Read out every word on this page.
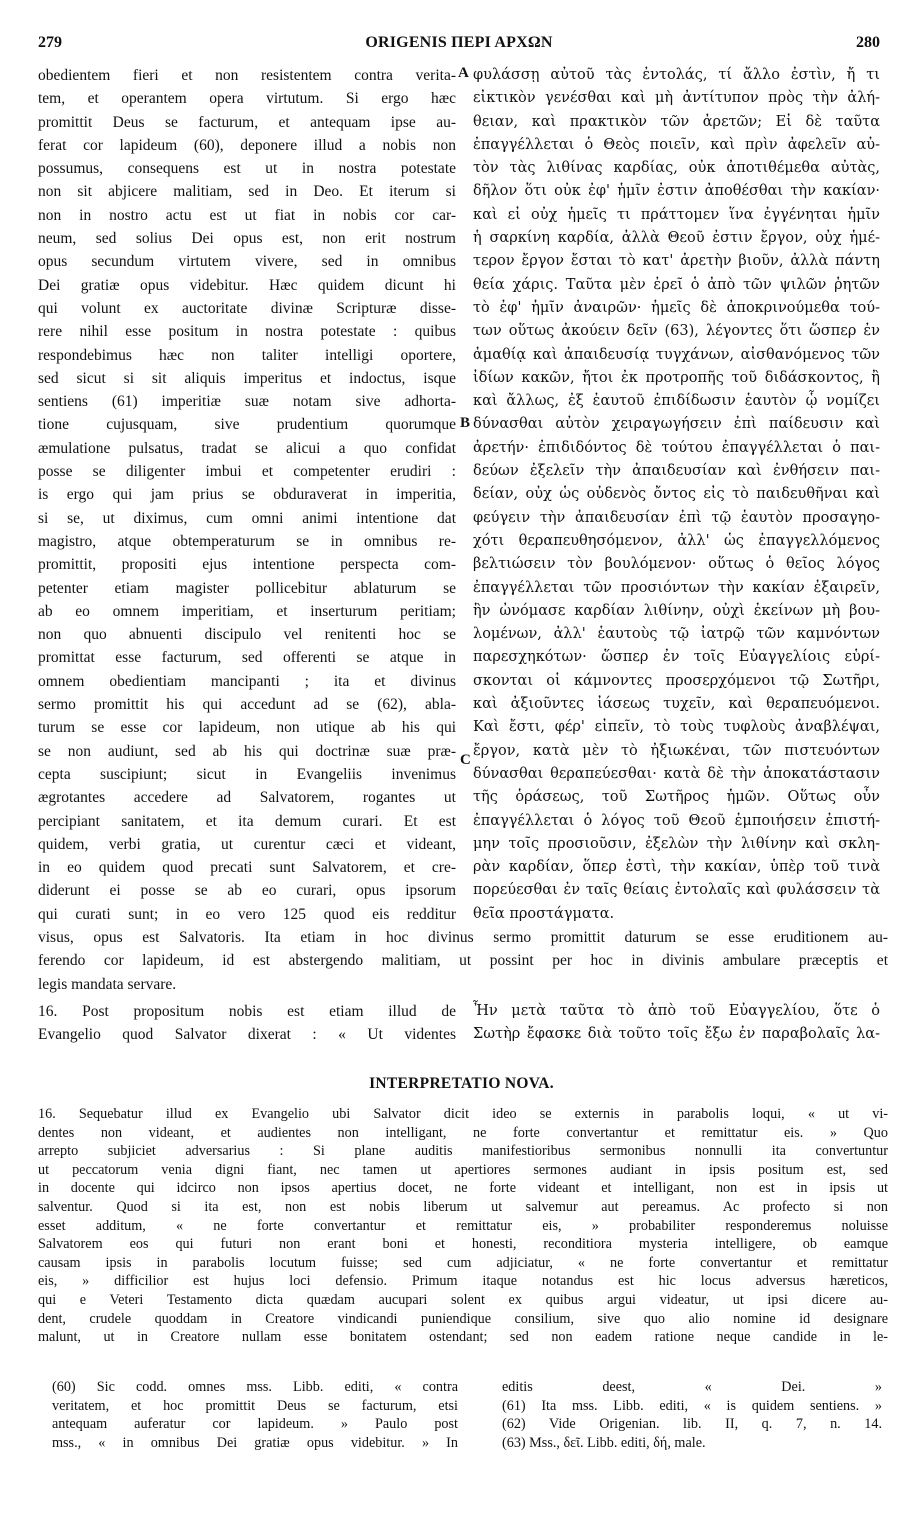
279	ORIGENIS ΠΕΡΙ ΑΡΧΩΝ	280
obedientem fieri et non resistentem contra verita-
tem, et operantem opera virtutum. Si ergo hæc
promittit Deus se facturum, et antequam ipse au-
ferat cor lapideum (60), deponere illud a nobis non
possumus, consequens est ut in nostra potestate
non sit abjicere malitiam, sed in Deo. Et iterum si
non in nostro actu est ut fiat in nobis cor car-
neum, sed solius Dei opus est, non erit nostrum
opus secundum virtutem vivere, sed in omnibus
Dei gratiæ opus videbitur. Hæc quidem dicunt hi
qui volunt ex auctoritate divinæ Scripturæ disse-
rere nihil esse positum in nostra potestate : quibus
respondebimus hæc non taliter intelligi oportere,
sed sicut si sit aliquis imperitus et indoctus, isque
sentiens (61) imperitiæ suæ notam sive adhorta-
tione cujusquam, sive prudentium quorumque
æmulatione pulsatus, tradat se alicui a quo confidat
posse se diligenter imbui et competenter erudiri :
is ergo qui jam prius se obduraverat in imperitia,
si se, ut diximus, cum omni animi intentione dat
magistro, atque obtemperaturum se in omnibus re-
promittit, propositi ejus intentione perspecta com-
petenter etiam magister pollicebitur ablaturum se
ab eo omnem imperitiam, et inserturum peritiam;
non quo abnuenti discipulo vel renitenti hoc se
promittat esse facturum, sed offerenti se atque in
omnem obedientiam mancipanti ; ita et divinus
sermo promittit his qui accedunt ad se (62), abla-
turum se esse cor lapideum, non utique ab his qui
se non audiunt, sed ab his qui doctrinæ suæ præ-
cepta suscipiunt; sicut in Evangeliis invenimus
ægrotantes accedere ad Salvatorem, rogantes ut
percipiant sanitatem, et ita demum curari. Et est
quidem, verbi gratia, ut curentur cæci et videant,
in eo quidem quod precati sunt Salvatorem, et cre-
diderunt ei posse se ab eo curari, opus ipsorum
qui curati sunt; in eo vero 125 quod eis redditur
φυλάσσῃ αὐτοῦ τὰς ἐντολάς, τί ἄλλο ἐστὶν, ἤ τι
εἰκτικὸν γενέσθαι καὶ μὴ ἀντίτυπον πρὸς τὴν ἀλή-
θειαν, καὶ πρακτικὸν τῶν ἀρετῶν; Εἰ δὲ ταῦτα
ἐπαγγέλλεται ὁ Θεὸς ποιεῖν, καὶ πρὶν ἀφελεῖν αὐ-
τὸν τὰς λιθίνας καρδίας, οὐκ ἀποτιθέμεθα αὐτὰς,
δῆλον ὅτι οὐκ ἐφ' ἡμῖν ἐστιν ἀποθέσθαι τὴν κακίαν·
καὶ εἰ οὐχ ἡμεῖς τι πράττομεν ἵνα ἐγγένηται ἡμῖν
ἡ σαρκίνη καρδία, ἀλλὰ Θεοῦ ἐστιν ἔργον, οὐχ ἡμέ-
τερον ἔργον ἔσται τὸ κατ' ἀρετὴν βιοῦν, ἀλλὰ πάντη
θεία χάρις. Ταῦτα μὲν ἐρεῖ ὁ ἀπὸ τῶν ψιλῶν ῥητῶν
τὸ ἐφ' ἡμῖν ἀναιρῶν· ἡμεῖς δὲ ἀποκρινούμεθα τού-
των οὕτως ἀκούειν δεῖν (63), λέγοντες ὅτι ὥσπερ ἐν
ἀμαθίᾳ καὶ ἀπαιδευσίᾳ τυγχάνων, αἰσθανόμενος τῶν
ἰδίων κακῶν, ἤτοι ἐκ προτροπῆς τοῦ διδάσκοντος, ἢ
καὶ ἄλλως, ἐξ ἑαυτοῦ ἐπιδίδωσιν ἑαυτὸν ᾧ νομίζει
δύνασθαι αὐτὸν χειραγωγήσειν ἐπὶ παίδευσιν καὶ
ἀρετήν· ἐπιδιδόντος δὲ τούτου ἐπαγγέλλεται ὁ παι-
δεύων ἐξελεῖν τὴν ἀπαιδευσίαν καὶ ἐνθήσειν παι-
δείαν, οὐχ ὡς οὐδενὸς ὄντος εἰς τὸ παιδευθῆναι καὶ
φεύγειν τὴν ἀπαιδευσίαν ἐπὶ τῷ ἑαυτὸν προσαγηο-
χότι θεραπευθησόμενον, ἀλλ' ὡς ἐπαγγελλόμενος
βελτιώσειν τὸν βουλόμενον· οὕτως ὁ θεῖος λόγος
ἐπαγγέλλεται τῶν προσιόντων τὴν κακίαν ἐξαιρεῖν,
ἣν ὠνόμασε καρδίαν λιθίνην, οὐχὶ ἐκείνων μὴ βου-
λομένων, ἀλλ' ἑαυτοὺς τῷ ἰατρῷ τῶν καμνόντων
παρεσχηκότων· ὥσπερ ἐν τοῖς Εὐαγγελίοις εὑρί-
σκονται οἱ κάμνοντες προσερχόμενοι τῷ Σωτῆρι,
καὶ ἀξιοῦντες ἰάσεως τυχεῖν, καὶ θεραπευόμενοι.
Καὶ ἔστι, φέρ' εἰπεῖν, τὸ τοὺς τυφλοὺς ἀναβλέψαι,
ἔργον, κατὰ μὲν τὸ ἠξιωκέναι, τῶν πιστευόντων
δύνασθαι θεραπεύεσθαι· κατὰ δὲ τὴν ἀποκατάστασιν
τῆς ὁράσεως, τοῦ Σωτῆρος ἡμῶν. Οὕτως οὖν
ἐπαγγέλλεται ὁ λόγος τοῦ Θεοῦ ἐμποιήσειν ἐπιστή-
μην τοῖς προσιοῦσιν, ἐξελὼν τὴν λιθίνην καὶ σκλη-
ρὰν καρδίαν, ὅπερ ἐστὶ, τὴν κακίαν, ὑπὲρ τοῦ τινὰ
πορεύεσθαι ἐν ταῖς θείαις ἐντολαῖς καὶ φυλάσσειν τὰ
θεῖα προστάγματα.
A
B
C
visus, opus est Salvatoris. Ita etiam in hoc divinus sermo promittit daturum se esse eruditionem au-
ferendo cor lapideum, id est abstergendo malitiam, ut possint per hoc in divinis ambulare præceptis et
legis mandata servare.
16. Post propositum nobis est etiam illud de
Evangelio quod Salvator dixerat : « Ut videntes
Ἦν μετὰ ταῦτα τὸ ἀπὸ τοῦ Εὐαγγελίου, ὅτε ὁ
Σωτὴρ ἔφασκε διὰ τοῦτο τοῖς ἔξω ἐν παραβολαῖς λα-
INTERPRETATIO NOVA.
16. Sequebatur illud ex Evangelio ubi Salvator dicit ideo se externis in parabolis loqui, « ut vi-
dentes non videant, et audientes non intelligant, ne forte convertantur et remittatur eis. » Quo
arrepto subjiciet adversarius : Si plane auditis manifestioribus sermonibus nonnulli ita convertuntur
ut peccatorum venia digni fiant, nec tamen ut apertiores sermones audiant in ipsis positum est, sed
in docente qui idcirco non ipsos apertius docet, ne forte videant et intelligant, non est in ipsis ut
salventur. Quod si ita est, non est nobis liberum ut salvemur aut pereamus. Ac profecto si non
esset additum, « ne forte convertantur et remittatur eis, » probabiliter responderemus noluisse
Salvatorem eos qui futuri non erant boni et honesti, reconditiora mysteria intelligere, ob eamque
causam ipsis in parabolis locutum fuisse; sed cum adjiciatur, « ne forte convertantur et remittatur
eis, » difficilior est hujus loci defensio. Primum itaque notandus est hic locus adversus hæreticos,
qui e Veteri Testamento dicta quædam aucupari solent ex quibus argui videatur, ut ipsi dicere au-
dent, crudele quoddam in Creatore vindicandi puniendique consilium, sive quo alio nomine id designare
malunt, ut in Creatore nullam esse bonitatem ostendant; sed non eadem ratione neque candide in le-
(60) Sic codd. omnes mss. Libb. editi, « contra
veritatem, et hoc promittit Deus se facturum, etsi
antequam auferatur cor lapideum. » Paulo post
mss., « in omnibus Dei gratiæ opus videbitur. » In
editis deest, « Dei. »
(61) Ita mss. Libb. editi, « is quidem sentiens. »
(62) Vide Origenian. lib. II, q. 7, n. 14.
(63) Mss., δεῖ. Libb. editi, δή, male.
